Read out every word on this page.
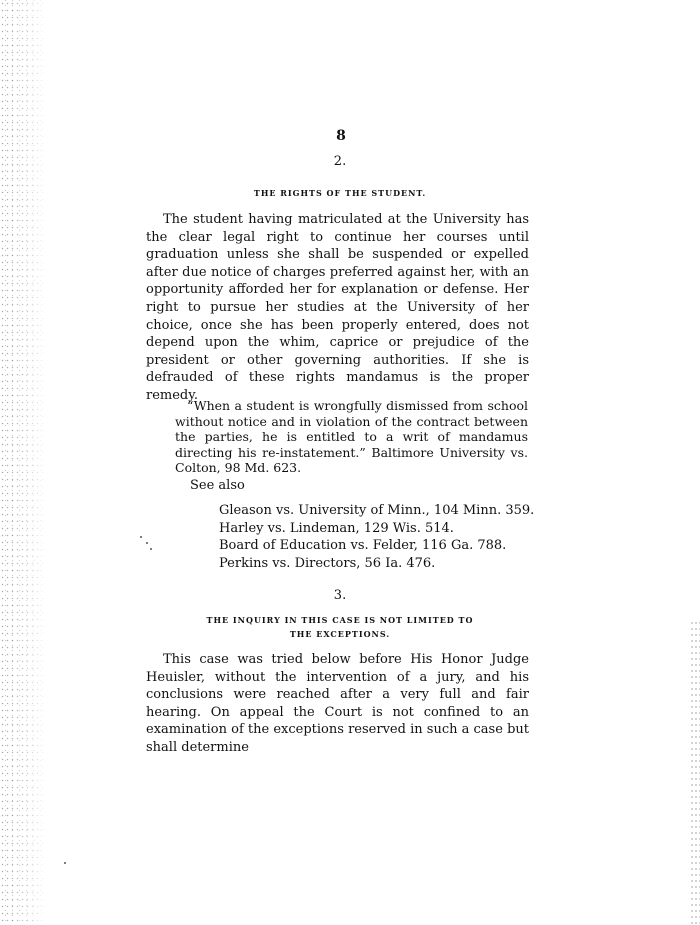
8
2.
THE RIGHTS OF THE STUDENT.

The student having matriculated at the University has the clear legal right to continue her courses until graduation unless she shall be suspended or expelled after due notice of charges preferred against her, with an opportunity afforded her for explanation or defense. Her right to pursue her studies at the University of her choice, once she has been properly entered, does not depend upon the whim, caprice or prejudice of the president or other governing authorities. If she is defrauded of these rights mandamus is the proper remedy.

“When a student is wrongfully dismissed from school without notice and in violation of the contract between the parties, he is entitled to a writ of mandamus directing his re-instatement.” Baltimore University vs. Colton, 98 Md. 623.

See also
Gleason vs. University of Minn., 104 Minn. 359.
Harley vs. Lindeman, 129 Wis. 514.
Board of Education vs. Felder, 116 Ga. 788.
Perkins vs. Directors, 56 Ia. 476.
3.
THE INQUIRY IN THIS CASE IS NOT LIMITED TO
THE EXCEPTIONS.

This case was tried below before His Honor Judge Heuisler, without the intervention of a jury, and his conclusions were reached after a very full and fair hearing. On appeal the Court is not confined to an examination of the exceptions reserved in such a case but shall determine
